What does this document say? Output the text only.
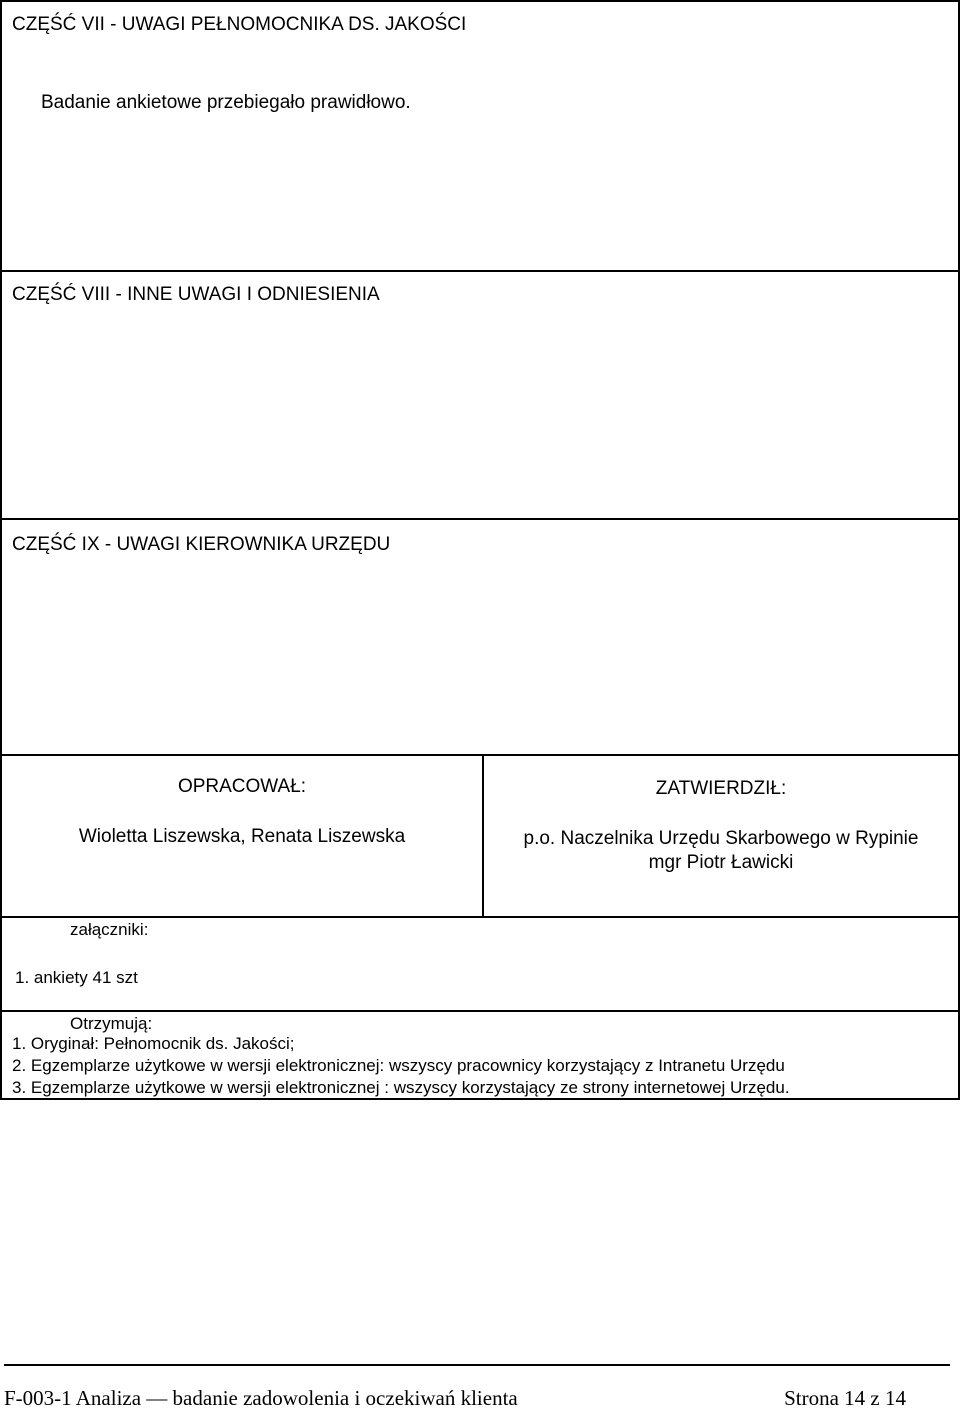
CZĘŚĆ VII - UWAGI PEŁNOMOCNIKA DS. JAKOŚCI
Badanie ankietowe przebiegało prawidłowo.
CZĘŚĆ VIII - INNE UWAGI I ODNIESIENIA
CZĘŚĆ IX - UWAGI KIEROWNIKA URZĘDU
OPRACOWAŁ:
Wioletta Liszewska, Renata Liszewska
ZATWIERDZIŁ:
p.o. Naczelnika Urzędu Skarbowego w Rypinie
mgr Piotr Ławicki
załączniki:
1. ankiety 41 szt
Otrzymują:
1. Oryginał: Pełnomocnik ds. Jakości;
2. Egzemplarze użytkowe w wersji elektronicznej: wszyscy pracownicy korzystający z Intranetu Urzędu
3. Egzemplarze użytkowe w wersji elektronicznej : wszyscy korzystający ze strony internetowej Urzędu.
F-003-1 Analiza — badanie zadowolenia i oczekiwań klienta	Strona 14 z 14
